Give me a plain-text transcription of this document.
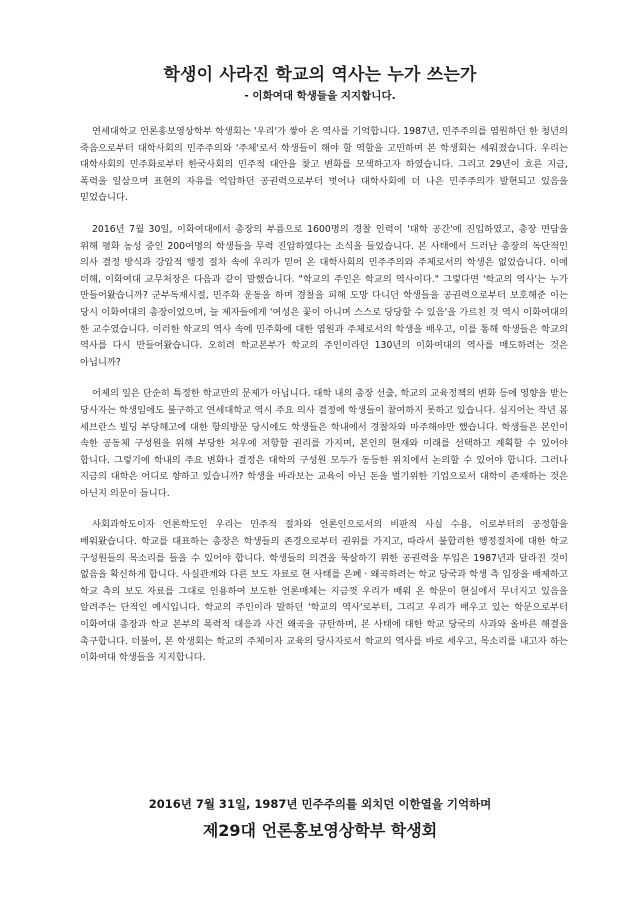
학생이 사라진 학교의 역사는 누가 쓰는가
- 이화여대 학생들을 지지합니다.

연세대학교 언론홍보영상학부 학생회는 '우리'가 쌓아 온 역사를 기억합니다. 1987년, 민주주의를 염원하던 한 청년의 죽음으로부터 대학사회의 민주주의와 '주체'로서 학생들이 해야 할 역할을 고민하며 본 학생회는 세워졌습니다. 우리는 대학사회의 민주화로부터 한국사회의 민주적 대안을 찾고 변화를 모색하고자 하였습니다. 그리고 29년이 흐른 지금, 폭력을 일삼으며 표현의 자유를 억압하던 공권력으로부터 벗어나 대학사회에 더 나은 민주주의가 발현되고 있음을 믿었습니다.

2016년 7월 30일, 이화여대에서 총장의 부름으로 1600명의 경찰 인력이 '대학 공간'에 진입하였고, 총장 면담을 위해 평화 농성 중인 200여명의 학생들을 무력 진압하였다는 소식을 들었습니다. 본 사태에서 드러난 총장의 독단적인 의사 결정 방식과 강압적 행정 절차 속에 우리가 믿어 온 대학사회의 민주주의와 주체로서의 학생은 없었습니다. 이에 더해, 이화여대 교무처장은 다음과 같이 말했습니다. "학교의 주인은 학교의 역사이다." 그렇다면 '학교의 역사'는 누가 만들어왔습니까? 군부독재시절, 민주화 운동을 하며 경찰을 피해 도망 다니던 학생들을 공권력으로부터 보호해준 이는 당시 이화여대의 총장이었으며, 늘 제자들에게 '여성은 꽃이 아니며 스스로 당당할 수 있음'을 가르친 것 역시 이화여대의 한 교수였습니다. 이러한 학교의 역사 속에 민주화에 대한 염원과 주체로서의 학생을 배우고, 이를 통해 학생들은 학교의 역사를 다시 만들어왔습니다. 오히려 학교본부가 학교의 주인이라던 130년의 이화여대의 역사를 매도하려는 것은 아닙니까?

어제의 일은 단순히 특정한 학교만의 문제가 아닙니다. 대학 내의 총장 선출, 학교의 교육정책의 변화 등에 영향을 받는 당사자는 학생임에도 불구하고 연세대학교 역시 주요 의사 결정에 학생들이 참여하지 못하고 있습니다. 심지어는 작년 봄 세브란스 빌딩 부당해고에 대한 항의방문 당시에도 학생들은 학내에서 경찰차와 마주해야만 했습니다. 학생들은 본인이 속한 공동체 구성원을 위해 부당한 처우에 저항할 권리를 가지며, 본인의 현재와 미래를 선택하고 계획할 수 있어야 합니다. 그렇기에 학내의 주요 변화나 결정은 대학의 구성원 모두가 동등한 위치에서 논의할 수 있어야 합니다. 그러나 지금의 대학은 어디로 향하고 있습니까? 학생을 바라보는 교육이 아닌 돈을 벌기위한 기업으로서 대학이 존재하는 것은 아닌지 의문이 듭니다.

사회과학도이자 언론학도인 우리는 민주적 절차와 언론인으로서의 비판적 사실 수용, 이로부터의 공정함을 배워왔습니다. 학교를 대표하는 총장은 학생들의 존경으로부터 권위를 가지고, 따라서 불합리한 행정절차에 대한 학교 구성원들의 목소리를 들을 수 있어야 합니다. 학생들의 의견을 묵살하기 위한 공권력을 투입은 1987년과 달라진 것이 없음을 확신하게 합니다. 사실관계와 다른 보도 자료로 현 사태를 은폐 · 왜곡하려는 학교 당국과 학생 측 입장을 배제하고 학교 측의 보도 자료를 그대로 인용하여 보도한 언론매체는 지금껏 우리가 배워 온 학문이 현실에서 무너지고 있음을 알려주는 단적인 예시입니다. 학교의 주인이라 말하던 '학교의 역사'로부터, 그리고 우리가 배우고 있는 학문으로부터 이화여대 총장과 학교 본부의 폭력적 대응과 사건 왜곡을 규탄하며, 본 사태에 대한 학교 당국의 사과와 올바른 해결을 촉구합니다. 더불어, 본 학생회는 학교의 주체이자 교육의 당사자로서 학교의 역사를 바로 세우고, 목소리를 내고자 하는 이화여대 학생들을 지지합니다.

2016년 7월 31일, 1987년 민주주의를 외치던 이한열을 기억하며
제29대 언론홍보영상학부 학생회
